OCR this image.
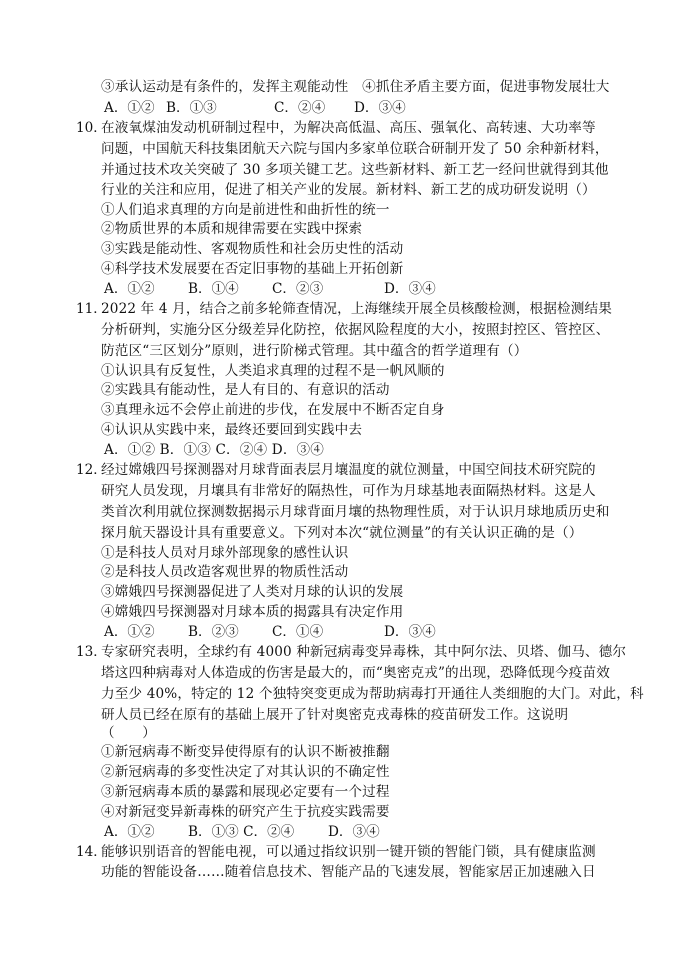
③承认运动是有条件的，发挥主观能动性　④抓住矛盾主要方面，促进事物发展壮大
A．①② B．①③	C．②④ D．③④
10．
在液氧煤油发动机研制过程中，为解决高低温、高压、强氧化、高转速、大功率等
问题，中国航天科技集团航天六院与国内多家单位联合研制开发了 50 余种新材料，
并通过技术攻关突破了 30 多项关键工艺。这些新材料、新工艺一经问世就得到其他
行业的关注和应用，促进了相关产业的发展。新材料、新工艺的成功研发说明（）
①人们追求真理的方向是前进性和曲折性的统一
②物质世界的本质和规律需要在实践中探索
③实践是能动性、客观物质性和社会历史性的活动
④科学技术发展要在否定旧事物的基础上开拓创新
A．①② B．①④ C．②③	D．③④
11．
2022 年 4 月，结合之前多轮筛查情况，上海继续开展全员核酸检测，根据检测结果
分析研判，实施分区分级差异化防控，依据风险程度的大小，按照封控区、管控区、
防范区“三区划分”原则，进行阶梯式管理。其中蕴含的哲学道理有（）
①认识具有反复性，人类追求真理的过程不是一帆风顺的
②实践具有能动性，是人有目的、有意识的活动
③真理永远不会停止前进的步伐，在发展中不断否定自身
④认识从实践中来，最终还要回到实践中去
A．①② B．①③ C．②④ D．③④
12．
经过嫦娥四号探测器对月球背面表层月壤温度的就位测量，中国空间技术研究院的
研究人员发现，月壤具有非常好的隔热性，可作为月球基地表面隔热材料。这是人
类首次利用就位探测数据揭示月球背面月壤的热物理性质，对于认识月球地质历史和
探月航天器设计具有重要意义。下列对本次“就位测量”的有关认识正确的是（）
①是科技人员对月球外部现象的感性认识
②是科技人员改造客观世界的物质性活动
③嫦娥四号探测器促进了人类对月球的认识的发展
④嫦娥四号探测器对月球本质的揭露具有决定作用
A．①② B．②③ C．①④	D．③④
13．
专家研究表明，全球约有 4000 种新冠病毒变异毒株，其中阿尔法、贝塔、伽马、德尔
塔这四种病毒对人体造成的伤害是最大的，而“奥密克戎”的出现，恐降低现今疫苗效
力至少 40%，特定的 12 个独特突变更成为帮助病毒打开通往人类细胞的大门。对此，科
研人员已经在原有的基础上展开了针对奥密克戎毒株的疫苗研发工作。这说明
（　　）
①新冠病毒不断变异使得原有的认识不断被推翻
②新冠病毒的多变性决定了对其认识的不确定性
③新冠病毒本质的暴露和展现必定要有一个过程
④对新冠变异新毒株的研究产生于抗疫实践需要
A．①② B．①③ C．②④ D．③④
14．
能够识别语音的智能电视，可以通过指纹识别一键开锁的智能门锁，具有健康监测
功能的智能设备……随着信息技术、智能产品的飞速发展，智能家居正加速融入日
